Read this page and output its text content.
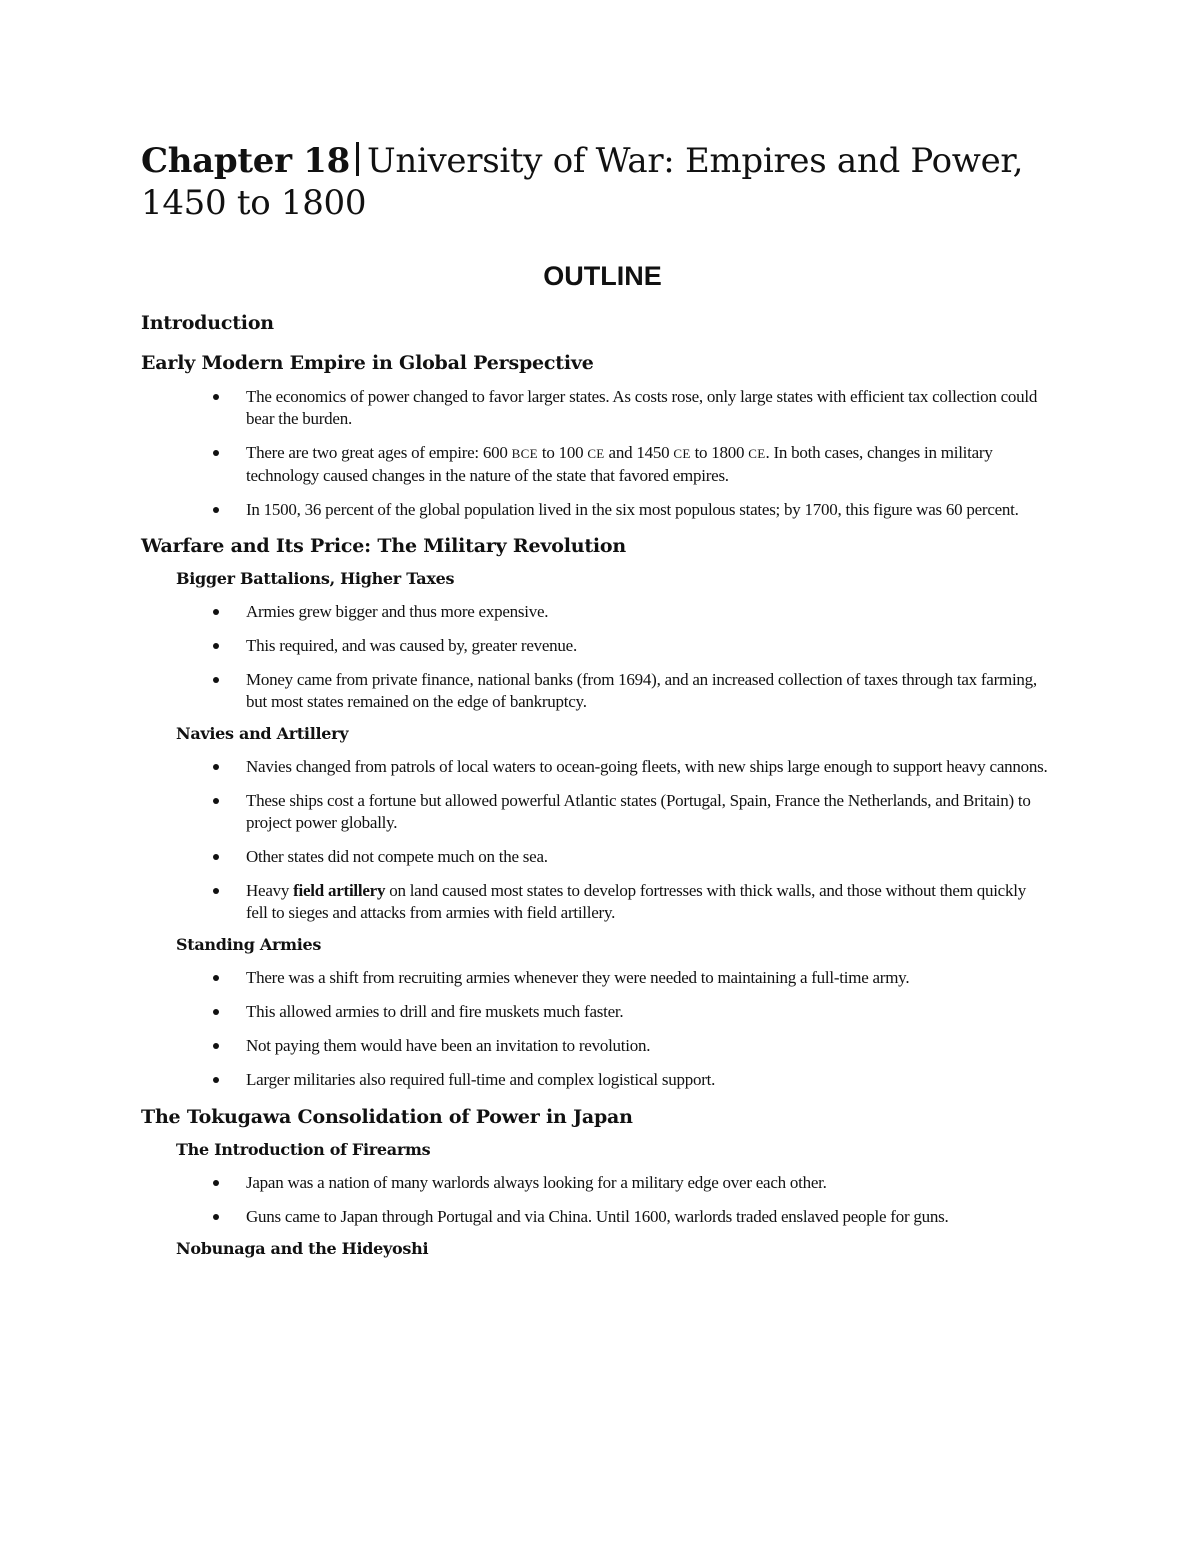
Chapter 18 University of War: Empires and Power,
1450 to 1800
OUTLINE
Introduction
Early Modern Empire in Global Perspective
The economics of power changed to favor larger states. As costs rose, only large states with efficient tax collection could bear the burden.
There are two great ages of empire: 600 BCE to 100 CE and 1450 CE to 1800 CE. In both cases, changes in military technology caused changes in the nature of the state that favored empires.
In 1500, 36 percent of the global population lived in the six most populous states; by 1700, this figure was 60 percent.
Warfare and Its Price: The Military Revolution
Bigger Battalions, Higher Taxes
Armies grew bigger and thus more expensive.
This required, and was caused by, greater revenue.
Money came from private finance, national banks (from 1694), and an increased collection of taxes through tax farming, but most states remained on the edge of bankruptcy.
Navies and Artillery
Navies changed from patrols of local waters to ocean-going fleets, with new ships large enough to support heavy cannons.
These ships cost a fortune but allowed powerful Atlantic states (Portugal, Spain, France the Netherlands, and Britain) to project power globally.
Other states did not compete much on the sea.
Heavy field artillery on land caused most states to develop fortresses with thick walls, and those without them quickly fell to sieges and attacks from armies with field artillery.
Standing Armies
There was a shift from recruiting armies whenever they were needed to maintaining a full-time army.
This allowed armies to drill and fire muskets much faster.
Not paying them would have been an invitation to revolution.
Larger militaries also required full-time and complex logistical support.
The Tokugawa Consolidation of Power in Japan
The Introduction of Firearms
Japan was a nation of many warlords always looking for a military edge over each other.
Guns came to Japan through Portugal and via China. Until 1600, warlords traded enslaved people for guns.
Nobunaga and the Hideyoshi
